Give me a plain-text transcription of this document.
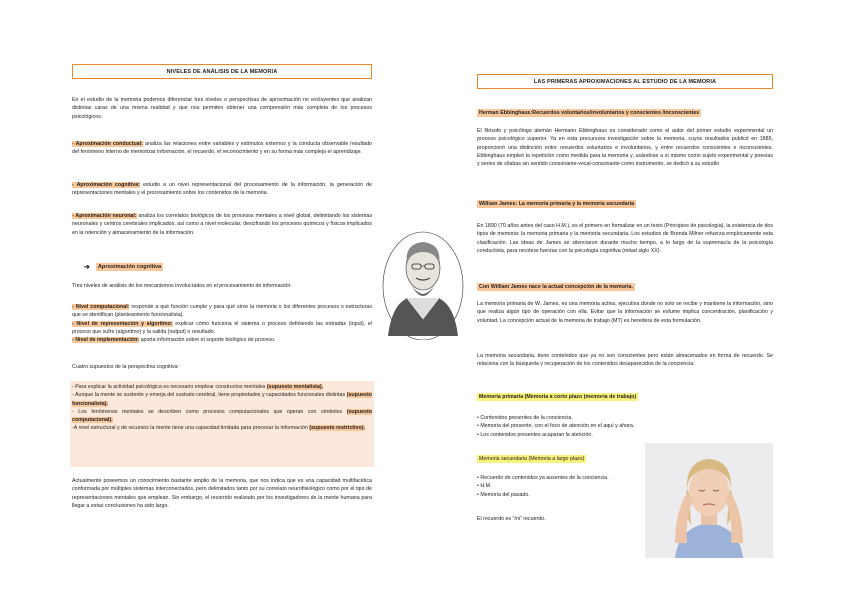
NIVELES DE ANÁLISIS DE LA MEMORIA

En el estudio de la memoria podemos diferenciar tres niveles o perspectivas de aproximación no excluyentes que analizan distintas caras de una misma realidad y que nos permiten obtener una comprensión más completa de los procesos psicológicos.

- Aproximación conductual: analiza las relaciones entre variables y estímulos externos y la conducta observable resultado del fenómeno interno de memorizar información, el recuerdo, el reconocimiento y en su forma más compleja el aprendizaje.

- Aproximación cognitiva: estudio a un nivel representacional del procesamiento de la información, la generación de representaciones mentales y el procesamiento sobre los contenidos de la memoria.

- Aproximación neuronal: analiza los correlatos biológicos de los procesos mentales a nivel global, delimitando los sistemas neuronales y centros cerebrales implicados, así como a nivel molecular, descifrando los procesos químicos y físicos implicados en la retención y almacenamiento de la información.

➔	Aproximación cognitiva

Tres niveles de análisis de los mecanismos involucrados en el procesamiento de información:

- Nivel computacional: responde a qué función cumple y para qué sirve la memoria o los diferentes procesos o estructuras que se identifican (planteamiento funcionalista).
- Nivel de representación y algoritmo: explicar cómo funciona el sistema o proceso definiendo las entradas (input), el proceso que sufre (algoritmo) y la salida (output) o resultado.
- Nivel de implementación: aporta información sobre el soporte biológico de proceso.

Cuatro supuestos de la perspectiva cognitiva:

- Para explicar la actividad psicológica es necesario emplear constructos mentales (supuesto mentalista).
- Aunque la mente se sustente y emerja del sustrato cerebral, tiene propiedades y capacidades funcionales distintas (supuesto funcionalista).
- Los fenómenos mentales se describen como procesos computacionales que operan con símbolos (supuesto computacional).
-A nivel estructural y de recursos la mente tiene una capacidad limitada para procesar la información (supuesto restrictivo).

Actualmente poseemos un conocimiento bastante amplio de la memoria, que nos indica que es una capacidad multifacética conformada por múltiples sistemas interconectados, pero delimitados tanto por su correlato neurofisiológico como por el tipo de representaciones mentales que emplean. Sin embargo, el recorrido realizado por los investigadores de la mente humana para llegar a estas conclusiones ha sido largo.

LAS PRIMERAS APROXIMACIONES AL ESTUDIO DE LA MEMORIA
Herman Ebbinghaus:Recuerdos voluntarios/involuntarios y conscientes /inconscientes

El filósofo y psicólogo alemán Hermann Ebbinghaus es considerado como el autor del primer estudio experimental un proceso psicológico superior. Ya en esta precursora investigación sobre la memoria, cuyos resultados publicó en 1885, proporcionó una distinción entre recuerdos voluntarios e involuntarios, y entre recuerdos conscientes e inconscientes. Ebbinghaus empleó la repetición como medida para la memoria y, usándose a sí mismo como sujeto experimental y poesías y series de sílabas sin sentido consonante-vocal-consonante como instrumento, se dedicó a su estudio

William James: La memoria primaria y la memoria secundaria

En 1890 (70 años antes del caso H.M.), es el primero en formalizar en un texto (Principios de psicología), la existencia de dos tipos de memoria: la memoria primaria y la memoria secundaria. Los estudios de Brenda Milner refuerza empíricamente esta clasificación. Las ideas de James se silenciaron durante mucho tiempo, a lo largo de la supremacía de la psicología conductista, para recobrar fuerzas con la psicología cognitiva (mitad siglo XX).

Con William James nace la actual concepción de la memoria.

La memoria primaria de W. James, es una memoria activa, ejecutiva donde no solo se recibe y mantiene la información, sino que realiza algún tipo de operación con ella. Evitar que la información se esfume implica concentración, planificación y voluntad. La concepción actual de la memoria de trabajo (MT) es heredera de esta formulación.

La memoria secundaria, tiene contenidos que ya no son conscientes pero están almacenados en forma de recuerdo. Se relaciona con la búsqueda y recuperación de los contenidos desaparecidos de la conciencia.

Memoria primaria (Memoria a corto plazo (memoria de trabajo)
• Contenidos presentes de la conciencia.
• Memoria del presente, con el foco de atención en el aquí y ahora.
• Los contenidos presentes acaparan la atención.
Memoria secundaria (Memoria a largo plazo)
• Recuerdo de contenidos ya ausentes de la conciencia.
• H.M.
• Memoria del pasado.

El recuerdo es “mi” recuerdo.
